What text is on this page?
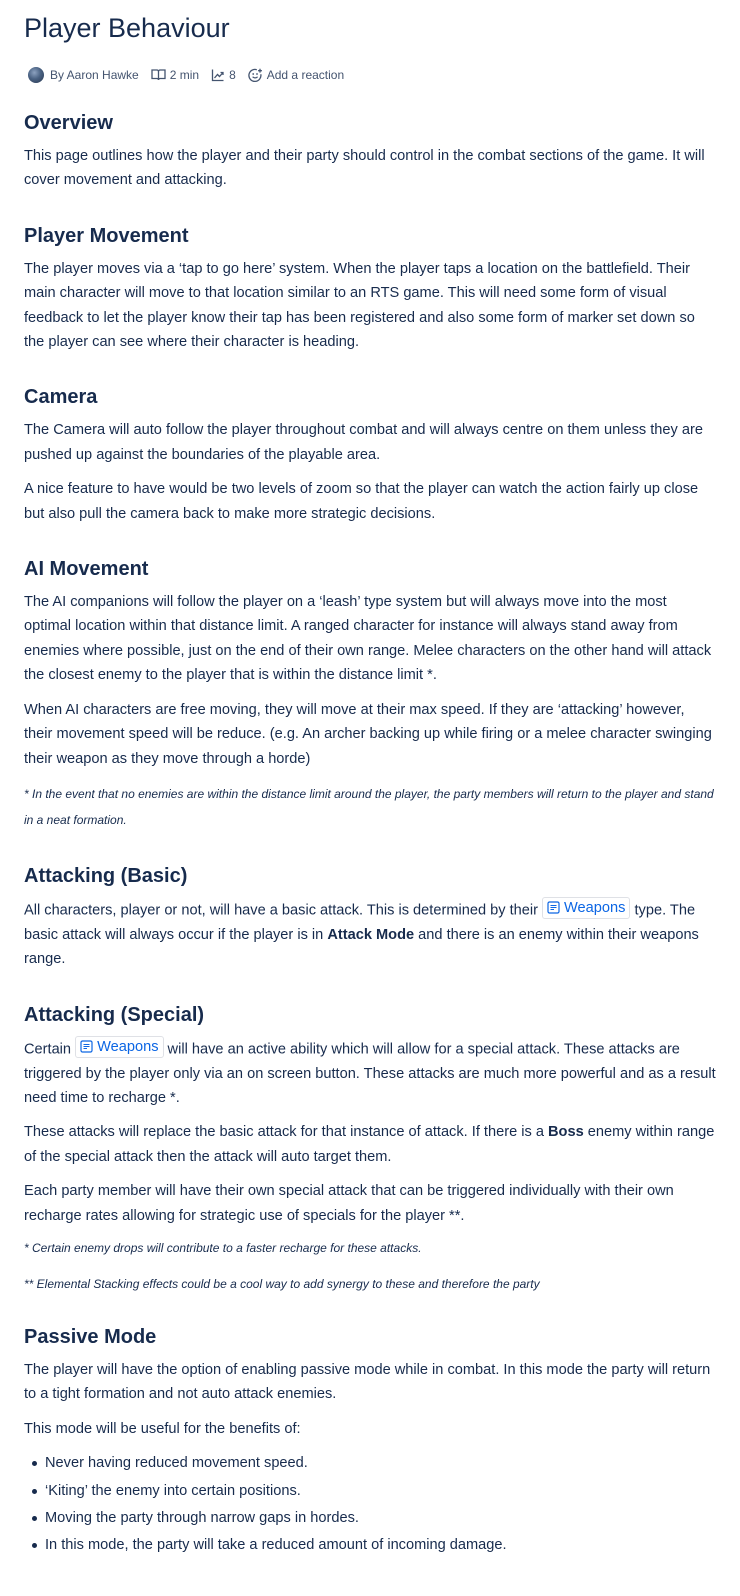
Player Behaviour
By Aaron Hawke	2 min	8	Add a reaction
Overview

This page outlines how the player and their party should control in the combat sections of the game. It will cover movement and attacking.

Player Movement

The player moves via a ‘tap to go here’ system. When the player taps a location on the battlefield. Their main character will move to that location similar to an RTS game. This will need some form of visual feedback to let the player know their tap has been registered and also some form of marker set down so the player can see where their character is heading.

Camera

The Camera will auto follow the player throughout combat and will always centre on them unless they are pushed up against the boundaries of the playable area.

A nice feature to have would be two levels of zoom so that the player can watch the action fairly up close but also pull the camera back to make more strategic decisions.

AI Movement

The AI companions will follow the player on a ‘leash’ type system but will always move into the most optimal location within that distance limit. A ranged character for instance will always stand away from enemies where possible, just on the end of their own range. Melee characters on the other hand will attack the closest enemy to the player that is within the distance limit *.

When AI characters are free moving, they will move at their max speed. If they are ‘attacking’ however, their movement speed will be reduce. (e.g. An archer backing up while firing or a melee character swinging their weapon as they move through a horde)

* In the event that no enemies are within the distance limit around the player, the party members will return to the player and stand in a neat formation.

Attacking (Basic)

All characters, player or not, will have a basic attack. This is determined by their Weapons type. The basic attack will always occur if the player is in Attack Mode and there is an enemy within their weapons range.

Attacking (Special)

Certain Weapons will have an active ability which will allow for a special attack. These attacks are triggered by the player only via an on screen button. These attacks are much more powerful and as a result need time to recharge *.

These attacks will replace the basic attack for that instance of attack. If there is a Boss enemy within range of the special attack then the attack will auto target them.

Each party member will have their own special attack that can be triggered individually with their own recharge rates allowing for strategic use of specials for the player **.

* Certain enemy drops will contribute to a faster recharge for these attacks.

** Elemental Stacking effects could be a cool way to add synergy to these and therefore the party

Passive Mode

The player will have the option of enabling passive mode while in combat. In this mode the party will return to a tight formation and not auto attack enemies.

This mode will be useful for the benefits of:

Never having reduced movement speed.
‘Kiting’ the enemy into certain positions.
Moving the party through narrow gaps in hordes.
In this mode, the party will take a reduced amount of incoming damage.
